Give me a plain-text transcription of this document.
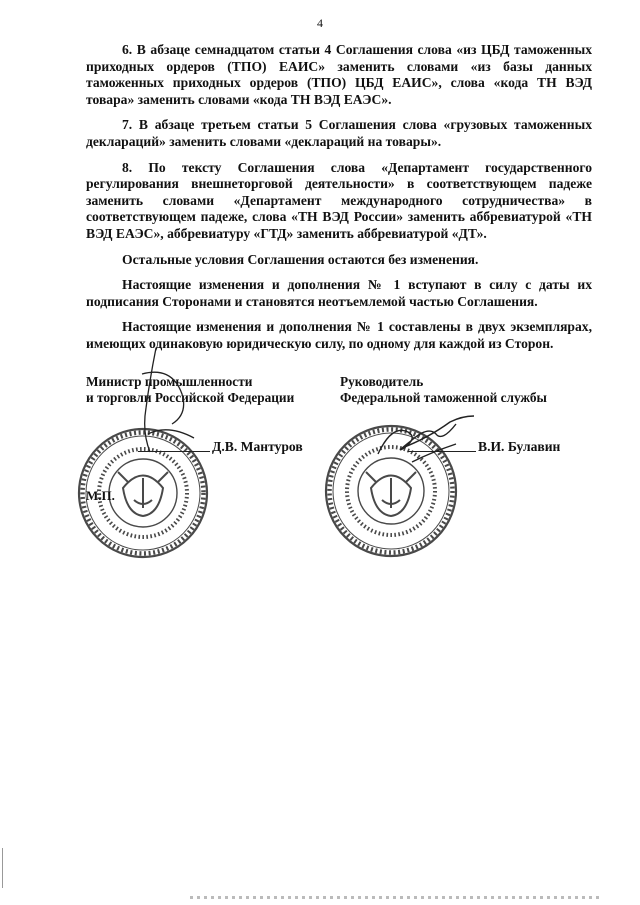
4

6. В абзаце семнадцатом статьи 4 Соглашения слова «из ЦБД таможенных приходных ордеров (ТПО) ЕАИС» заменить словами «из базы данных таможенных приходных ордеров (ТПО) ЦБД ЕАИС», слова «кода ТН ВЭД товара» заменить словами «кода ТН ВЭД ЕАЭС».

7. В абзаце третьем статьи 5 Соглашения слова «грузовых таможенных деклараций» заменить словами «деклараций на товары».

8. По тексту Соглашения слова «Департамент государственного регулирования внешнеторговой деятельности» в соответствующем падеже заменить словами «Департамент международного сотрудничества» в соответствующем падеже, слова «ТН ВЭД России» заменить аббревиатурой «ТН ВЭД ЕАЭС», аббревиатуру «ГТД» заменить аббревиатурой «ДТ».

Остальные условия Соглашения остаются без изменения.

Настоящие изменения и дополнения № 1 вступают в силу с даты их подписания Сторонами и становятся неотъемлемой частью Соглашения.

Настоящие изменения и дополнения № 1 составлены в двух экземплярах, имеющих одинаковую юридическую силу, по одному для каждой из Сторон.

Министр промышленности
и торговли Российской Федерации
Д.В. Мантуров
М.П.
Руководитель
Федеральной таможенной службы
В.И. Булавин
